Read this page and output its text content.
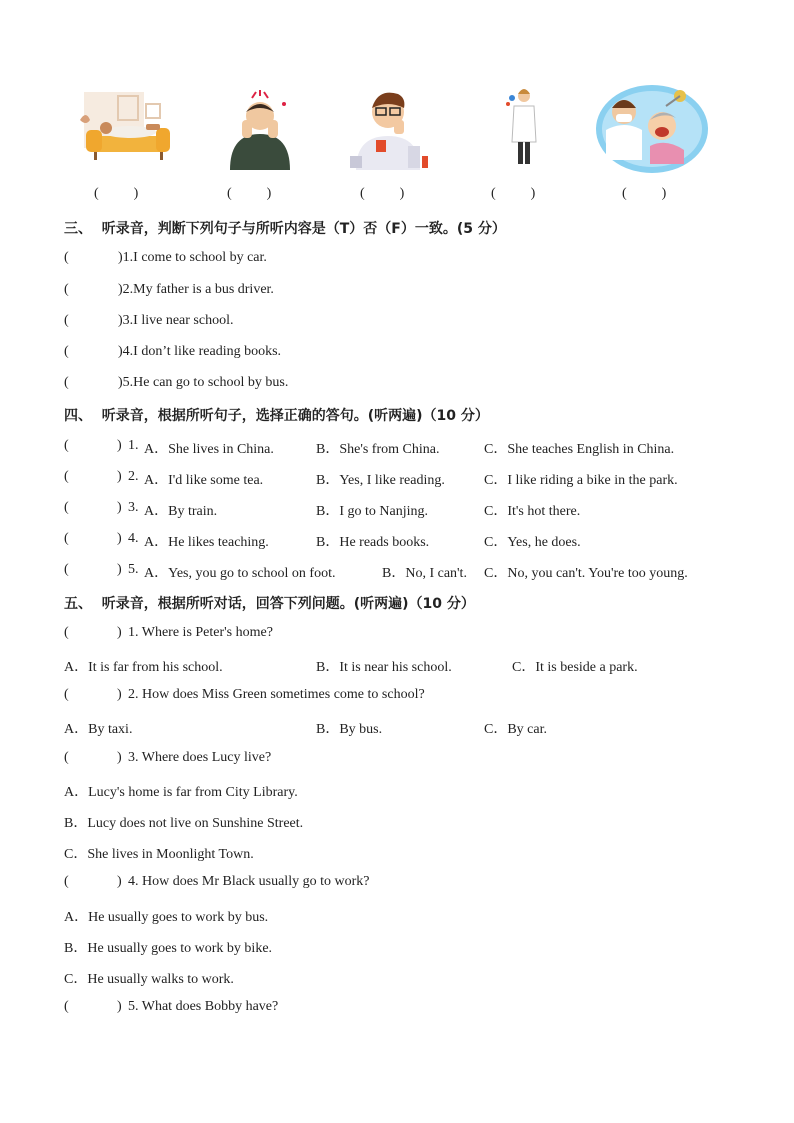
(          )	(          )	(          )	(          )	(          )
三、  听录音，判断下列句子与所听内容是（T）否（F）一致。(5 分）
(	)1.I come to school by car.
(	)2.My father is a bus driver.
(	)3.I live near school.
(	)4.I don’t like reading books.
(	)5.He can go to school by bus.
四、  听录音，根据所听句子，选择正确的答句。(听两遍)（10 分）
(	) 1. A．She lives in China.	B．She's from China.	C．She teaches English in China.
(	) 2. A．I'd like some tea.	B．Yes, I like reading.	C．I like riding a bike in the park.
(	) 3. A．By train.	B．I go to Nanjing.	C．It's hot there.
(	) 4. A．He likes teaching.	B．He reads books.	C．Yes, he does.
(	) 5. A．Yes, you go to school on foot.	B．No, I can't. C．No, you can't. You're too young.
五、  听录音，根据所听对话，回答下列问题。(听两遍)（10 分）
(	) 1. Where is Peter's home?
A．It is far from his school.	B．It is near his school.	C．It is beside a park.
(	) 2. How does Miss Green sometimes come to school?
A．By taxi.	B．By bus.	C．By car.
(	) 3. Where does Lucy live?
A．Lucy's home is far from City Library.
B．Lucy does not live on Sunshine Street.
C．She lives in Moonlight Town.
(	) 4. How does Mr Black usually go to work?
A．He usually goes to work by bus.
B．He usually goes to work by bike.
C．He usually walks to work.
(	) 5. What does Bobby have?
